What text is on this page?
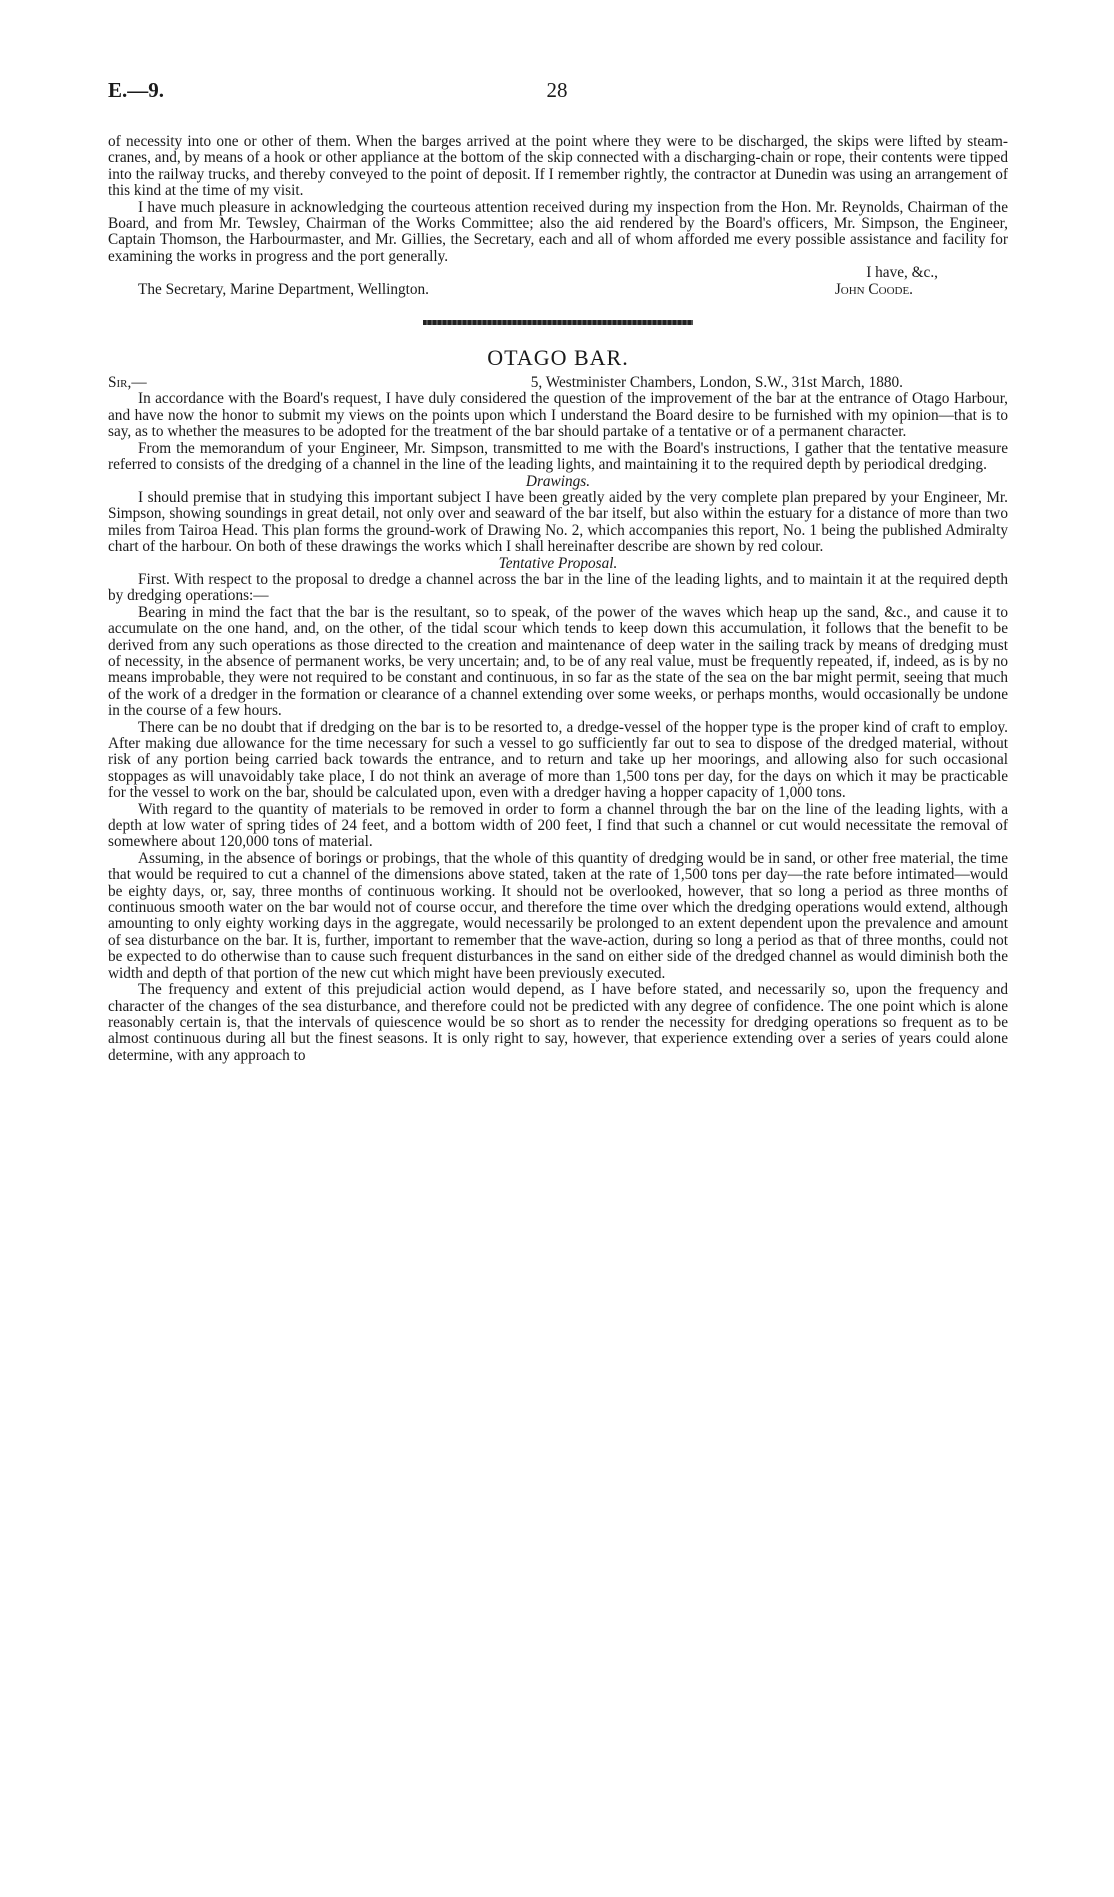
E.—9.	28

of necessity into one or other of them. When the barges arrived at the point where they were to be discharged, the skips were lifted by steam-cranes, and, by means of a hook or other appliance at the bottom of the skip connected with a discharging-chain or rope, their contents were tipped into the railway trucks, and thereby conveyed to the point of deposit. If I remember rightly, the contractor at Dunedin was using an arrangement of this kind at the time of my visit.

I have much pleasure in acknowledging the courteous attention received during my inspection from the Hon. Mr. Reynolds, Chairman of the Board, and from Mr. Tewsley, Chairman of the Works Committee; also the aid rendered by the Board's officers, Mr. Simpson, the Engineer, Captain Thomson, the Harbourmaster, and Mr. Gillies, the Secretary, each and all of whom afforded me every possible assistance and facility for examining the works in progress and the port generally.

I have, &c.,

The Secretary, Marine Department, Wellington.	John Coode.
OTAGO BAR.
Sir,—	5, Westminister Chambers, London, S.W., 31st March, 1880.

In accordance with the Board's request, I have duly considered the question of the improvement of the bar at the entrance of Otago Harbour, and have now the honor to submit my views on the points upon which I understand the Board desire to be furnished with my opinion—that is to say, as to whether the measures to be adopted for the treatment of the bar should partake of a tentative or of a permanent character.

From the memorandum of your Engineer, Mr. Simpson, transmitted to me with the Board's instructions, I gather that the tentative measure referred to consists of the dredging of a channel in the line of the leading lights, and maintaining it to the required depth by periodical dredging.

Drawings.

I should premise that in studying this important subject I have been greatly aided by the very complete plan prepared by your Engineer, Mr. Simpson, showing soundings in great detail, not only over and seaward of the bar itself, but also within the estuary for a distance of more than two miles from Tairoa Head. This plan forms the ground-work of Drawing No. 2, which accompanies this report, No. 1 being the published Admiralty chart of the harbour. On both of these drawings the works which I shall hereinafter describe are shown by red colour.

Tentative Proposal.

First. With respect to the proposal to dredge a channel across the bar in the line of the leading lights, and to maintain it at the required depth by dredging operations:—

Bearing in mind the fact that the bar is the resultant, so to speak, of the power of the waves which heap up the sand, &c., and cause it to accumulate on the one hand, and, on the other, of the tidal scour which tends to keep down this accumulation, it follows that the benefit to be derived from any such operations as those directed to the creation and maintenance of deep water in the sailing track by means of dredging must of necessity, in the absence of permanent works, be very uncertain; and, to be of any real value, must be frequently repeated, if, indeed, as is by no means improbable, they were not required to be constant and continuous, in so far as the state of the sea on the bar might permit, seeing that much of the work of a dredger in the formation or clearance of a channel extending over some weeks, or perhaps months, would occasionally be undone in the course of a few hours.

There can be no doubt that if dredging on the bar is to be resorted to, a dredge-vessel of the hopper type is the proper kind of craft to employ. After making due allowance for the time necessary for such a vessel to go sufficiently far out to sea to dispose of the dredged material, without risk of any portion being carried back towards the entrance, and to return and take up her moorings, and allowing also for such occasional stoppages as will unavoidably take place, I do not think an average of more than 1,500 tons per day, for the days on which it may be practicable for the vessel to work on the bar, should be calculated upon, even with a dredger having a hopper capacity of 1,000 tons.

With regard to the quantity of materials to be removed in order to form a channel through the bar on the line of the leading lights, with a depth at low water of spring tides of 24 feet, and a bottom width of 200 feet, I find that such a channel or cut would necessitate the removal of somewhere about 120,000 tons of material.

Assuming, in the absence of borings or probings, that the whole of this quantity of dredging would be in sand, or other free material, the time that would be required to cut a channel of the dimensions above stated, taken at the rate of 1,500 tons per day—the rate before intimated—would be eighty days, or, say, three months of continuous working. It should not be overlooked, however, that so long a period as three months of continuous smooth water on the bar would not of course occur, and therefore the time over which the dredging operations would extend, although amounting to only eighty working days in the aggregate, would necessarily be prolonged to an extent dependent upon the prevalence and amount of sea disturbance on the bar. It is, further, important to remember that the wave-action, during so long a period as that of three months, could not be expected to do otherwise than to cause such frequent disturbances in the sand on either side of the dredged channel as would diminish both the width and depth of that portion of the new cut which might have been previously executed.

The frequency and extent of this prejudicial action would depend, as I have before stated, and necessarily so, upon the frequency and character of the changes of the sea disturbance, and therefore could not be predicted with any degree of confidence. The one point which is alone reasonably certain is, that the intervals of quiescence would be so short as to render the necessity for dredging operations so frequent as to be almost continuous during all but the finest seasons. It is only right to say, however, that experience extending over a series of years could alone determine, with any approach to
